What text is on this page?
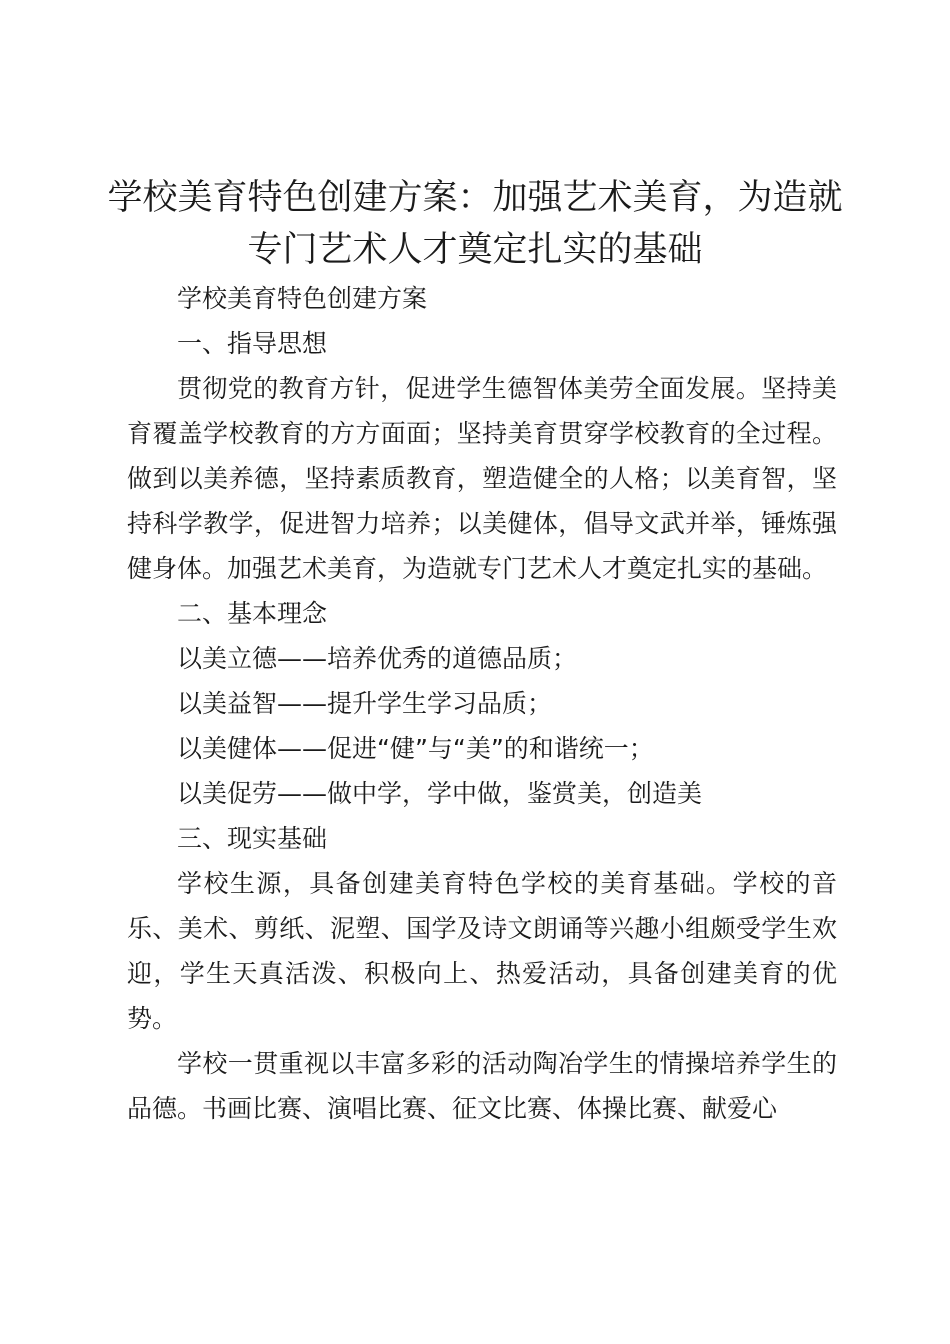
学校美育特色创建方案：加强艺术美育，为造就专门艺术人才奠定扎实的基础

学校美育特色创建方案

一、指导思想

贯彻党的教育方针，促进学生德智体美劳全面发展。坚持美育覆盖学校教育的方方面面；坚持美育贯穿学校教育的全过程。做到以美养德，坚持素质教育，塑造健全的人格；以美育智，坚持科学教学，促进智力培养；以美健体，倡导文武并举，锤炼强健身体。加强艺术美育，为造就专门艺术人才奠定扎实的基础。

二、基本理念

以美立德——培养优秀的道德品质；

以美益智——提升学生学习品质；

以美健体——促进“健”与“美”的和谐统一；

以美促劳——做中学，学中做，鉴赏美，创造美

三、现实基础

学校生源，具备创建美育特色学校的美育基础。学校的音乐、美术、剪纸、泥塑、国学及诗文朗诵等兴趣小组颇受学生欢迎，学生天真活泼、积极向上、热爱活动，具备创建美育的优势。

学校一贯重视以丰富多彩的活动陶冶学生的情操培养学生的品德。书画比赛、演唱比赛、征文比赛、体操比赛、献爱心
